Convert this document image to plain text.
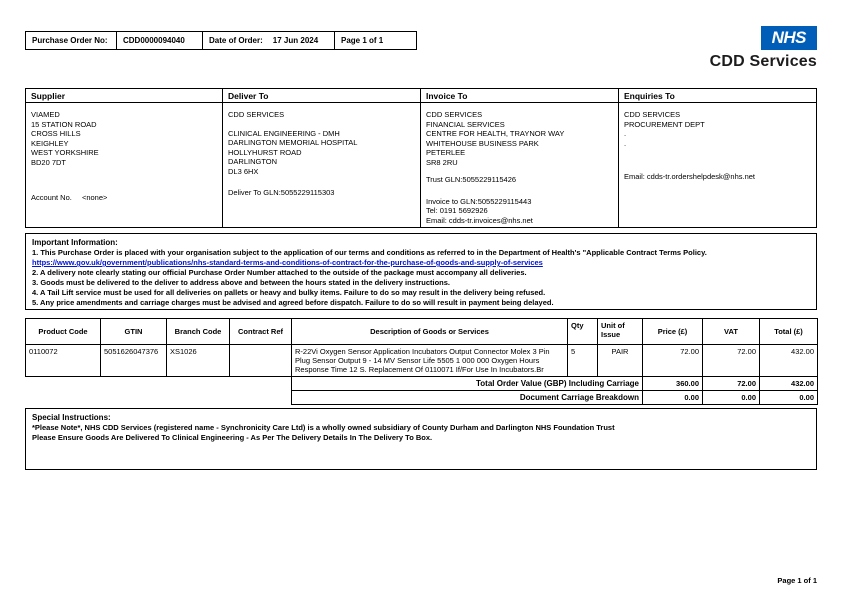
Purchase Order No:	CDD0000094040	Date of Order: 17 Jun 2024	Page 1 of 1	NHS
CDD Services
Supplier
VIAMED
15 STATION ROAD
CROSS HILLS
KEIGHLEY
WEST YORKSHIRE
BD20 7DT
Account No. <none>
Deliver To
CDD SERVICES
CLINICAL ENGINEERING - DMH
DARLINGTON MEMORIAL HOSPITAL
HOLLYHURST ROAD
DARLINGTON
DL3 6HX
Deliver To GLN:5055229115303
Invoice To
CDD SERVICES
FINANCIAL SERVICES
CENTRE FOR HEALTH, TRAYNOR WAY
WHITEHOUSE BUSINESS PARK
PETERLEE
SR8 2RU
Trust GLN:5055229115426
Invoice to GLN:5055229115443
Tel: 0191 5692926
Email: cdds-tr.invoices@nhs.net
Enquiries To
CDD SERVICES
PROCUREMENT DEPT
.
.
Email: cdds-tr.ordershelpdesk@nhs.net
Important Information:
1. This Purchase Order is placed with your organisation subject to the application of our terms and conditions as referred to in the Department of Health's "Applicable Contract Terms Policy.
https://www.gov.uk/government/publications/nhs-standard-terms-and-conditions-of-contract-for-the-purchase-of-goods-and-supply-of-services
2. A delivery note clearly stating our official Purchase Order Number attached to the outside of the package must accompany all deliveries.
3. Goods must be delivered to the deliver to address above and between the hours stated in the delivery instructions.
4. A Tail Lift service must be used for all deliveries on pallets or heavy and bulky items. Failure to do so may result in the delivery being refused.
5. Any price amendments and carriage charges must be advised and agreed before dispatch. Failure to do so will result in payment being delayed.
Product Code	GTIN	Branch Code	Contract Ref	Description of Goods or Services	Qty	Unit of Issue	Price (£)	VAT	Total (£)
0110072	5051626047376	XS1026		R-22Vi Oxygen Sensor Application Incubators Output Connector Molex 3 Pin Plug Sensor Output 9 - 14 MV Sensor Life 5505 1 000 000 Oxygen Hours Response Time 12 S. Replacement Of 0110071 If/For Use In Incubators.Br	5	PAIR	72.00	72.00	432.00
				Total Order Value (GBP) Including Carriage			360.00	72.00	432.00
				Document Carriage Breakdown			0.00	0.00	0.00
Special Instructions:
*Please Note*, NHS CDD Services (registered name - Synchronicity Care Ltd) is a wholly owned subsidiary of County Durham and Darlington NHS Foundation Trust
Please Ensure Goods Are Delivered To Clinical Engineering - As Per The Delivery Details In The Delivery To Box.
Page 1 of 1
